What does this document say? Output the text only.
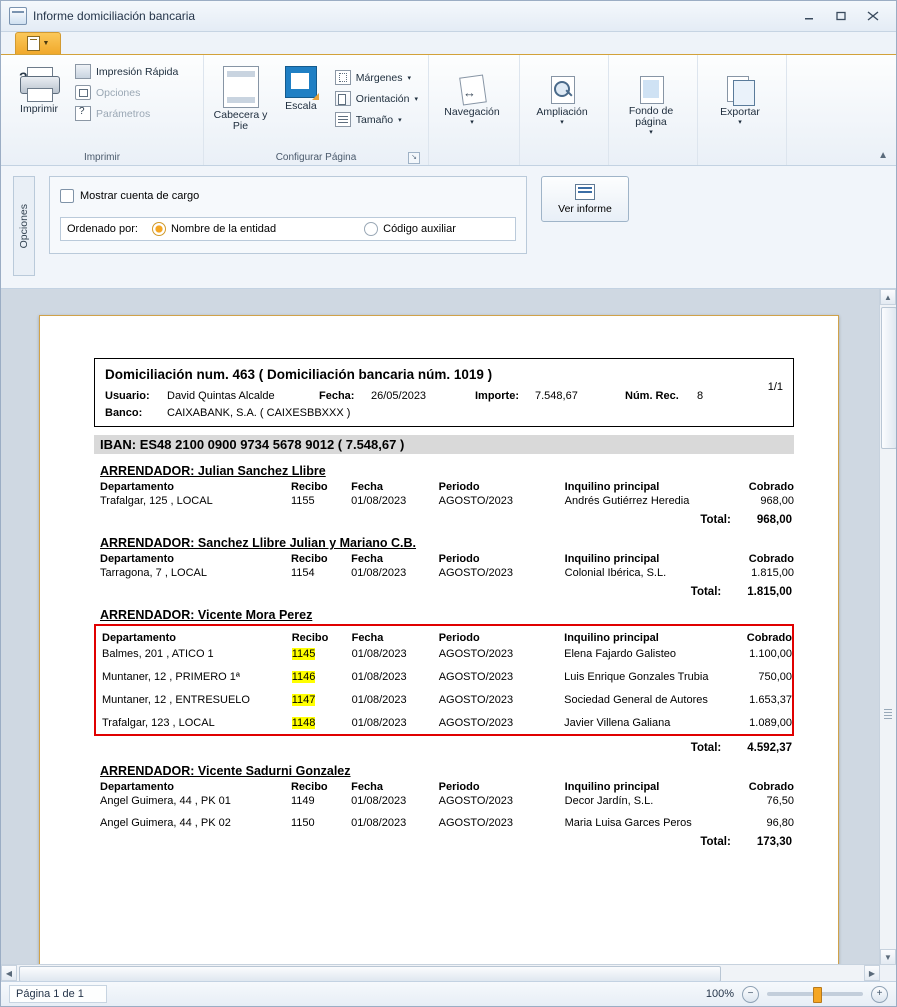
Informe domiciliación bancaria
▼
Imprimir
Impresión Rápida
Opciones
?
Parámetros
Imprimir
Cabecera y Pie
Escala
Márgenes ▾
Orientación ▾
Tamaño ▾
Configurar Página	↘
↔
Navegación
▾

Ampliación
▾

Fondo de página
▾

Exportar
▾

▲
Opciones
Mostrar cuenta de cargo
Ordenado por:	Nombre de la entidad	Código auxiliar
Ver informe
Domiciliación num. 463 ( Domiciliación bancaria núm. 1019 )
1/1
Usuario:	David Quintas Alcalde	Fecha:	26/05/2023	Importe:	7.548,67	Núm. Rec.	8
Banco:	CAIXABANK, S.A. ( CAIXESBBXXX )
IBAN: ES48 2100 0900 9734 5678 9012 ( 7.548,67 )
ARRENDADOR: Julian Sanchez Llibre
Departamento	Recibo	Fecha	Periodo	Inquilino principal	Cobrado
Trafalgar, 125 , LOCAL	1155	01/08/2023	AGOSTO/2023	Andrés Gutiérrez Heredia	968,00
Total: 968,00
ARRENDADOR: Sanchez Llibre Julian y Mariano C.B.
Departamento	Recibo	Fecha	Periodo	Inquilino principal	Cobrado
Tarragona, 7 , LOCAL	1154	01/08/2023	AGOSTO/2023	Colonial Ibérica, S.L.	1.815,00
Total: 1.815,00
ARRENDADOR: Vicente Mora Perez
Departamento	Recibo	Fecha	Periodo	Inquilino principal	Cobrado
Balmes, 201 , ATICO 1	1145	01/08/2023	AGOSTO/2023	Elena Fajardo Galisteo	1.100,00
Muntaner, 12 , PRIMERO 1ª	1146	01/08/2023	AGOSTO/2023	Luis Enrique Gonzales Trubia	750,00
Muntaner, 12 , ENTRESUELO	1147	01/08/2023	AGOSTO/2023	Sociedad General de Autores	1.653,37
Trafalgar, 123 , LOCAL	1148	01/08/2023	AGOSTO/2023	Javier Villena Galiana	1.089,00
Total: 4.592,37
ARRENDADOR: Vicente Sadurni Gonzalez
Departamento	Recibo	Fecha	Periodo	Inquilino principal	Cobrado
Angel Guimera, 44 , PK 01	1149	01/08/2023	AGOSTO/2023	Decor Jardín, S.L.	76,50
Angel Guimera, 44 , PK 02	1150	01/08/2023	AGOSTO/2023	Maria Luisa Garces Peros	96,80
Total: 173,30
▲
▼
◀	▶
Página 1 de 1	100%	−	+
